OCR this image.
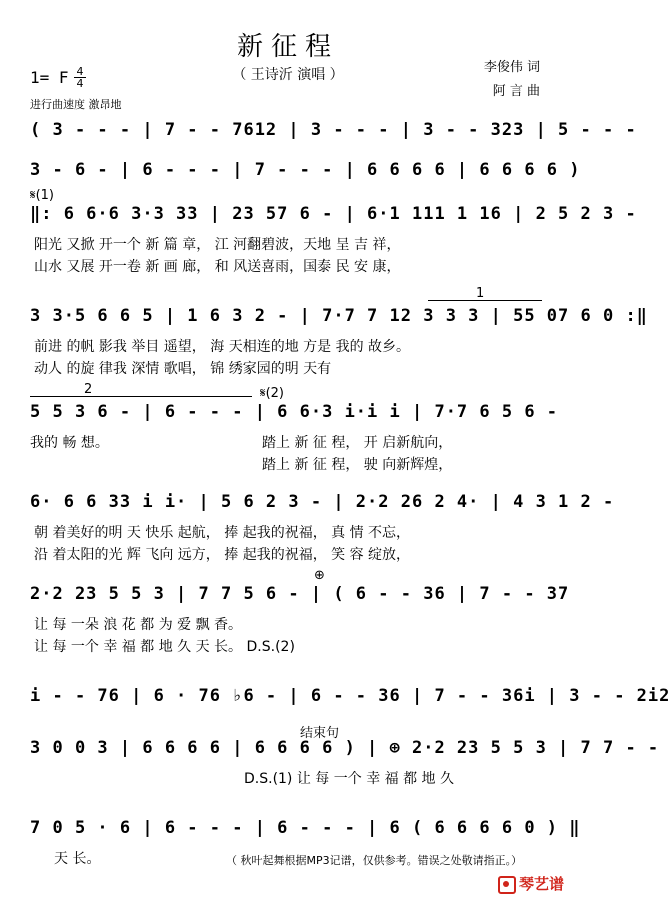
新征程
（ 王诗沂 演唱 ）	李俊伟 词
阿 言 曲
1= F $\frac{4}{4}$
进行曲速度 激昂地
( 3 - - - | 7 - - 7612 | 3 - - - | 3 - - 323 | 5 - - -
3 - 6 - | 6 - - - | 7 - - - | 6 6 6 6 | 6 6 6 6 )
‖: 6 6·6 3·3 33 | 23 57 6 - | 6·1 111 1 16 | 2 5 2 3 -
𝄋(1)
阳光 又掀 开一个 新 篇 章， 江 河翻碧波，天地 呈 吉 祥，
山水 又展 开一卷 新 画 廊， 和 风送喜雨，国泰 民 安 康，
3 3·5 6 6 5 | 1 6 3 2 - | 7·7 7 12 3 3 3 | 55 07 6 0 :‖
1
前进 的帆 影我 举目 遥望， 海 天相连的地 方是 我的 故乡。
动人 的旋 律我 深情 歌唱， 锦 绣家园的明 天有
5 5 3 6 - | 6 - - - | 6 6·3 i·i i | 7·7 6 5 6 -
𝄋(2)
2
我的 畅 想。	踏上 新 征 程， 开 启新航向，
踏上 新 征 程， 驶 向新辉煌，
6· 6 6 33 i i· | 5 6 2 3 - | 2·2 26 2 4· | 4 3 1 2 -
朝 着美好的明 天 快乐 起航， 捧 起我的祝福， 真 情 不忘，
沿 着太阳的光 辉 飞向 远方， 捧 起我的祝福， 笑 容 绽放，
2·2 23 5 5 3 | 7 7 5 6 - | ( 6 - - 36 | 7 - - 37
⊕
让 每 一朵 浪 花 都 为 爱 飘 香。
让 每 一个 幸 福 都 地 久 天 长。 D.S.(2)
i - - 76 | 6 · 76 ♭6 - | 6 - - 36 | 7 - - 36i | 3 - - 2i2
3 0 0 3 | 6 6 6 6 | 6 6 6 6 ) | ⊕ 2·2 23 5 5 3 | 7 7 - -
结束句
D.S.(1) 让 每 一个 幸 福 都 地 久
7 0 5 · 6 | 6 - - - | 6 - - - | 6 ( 6 6 6 6 0 ) ‖
天 长。	（ 秋叶起舞根据MP3记谱，仅供参考。错误之处敬请指正。）
琴艺谱
